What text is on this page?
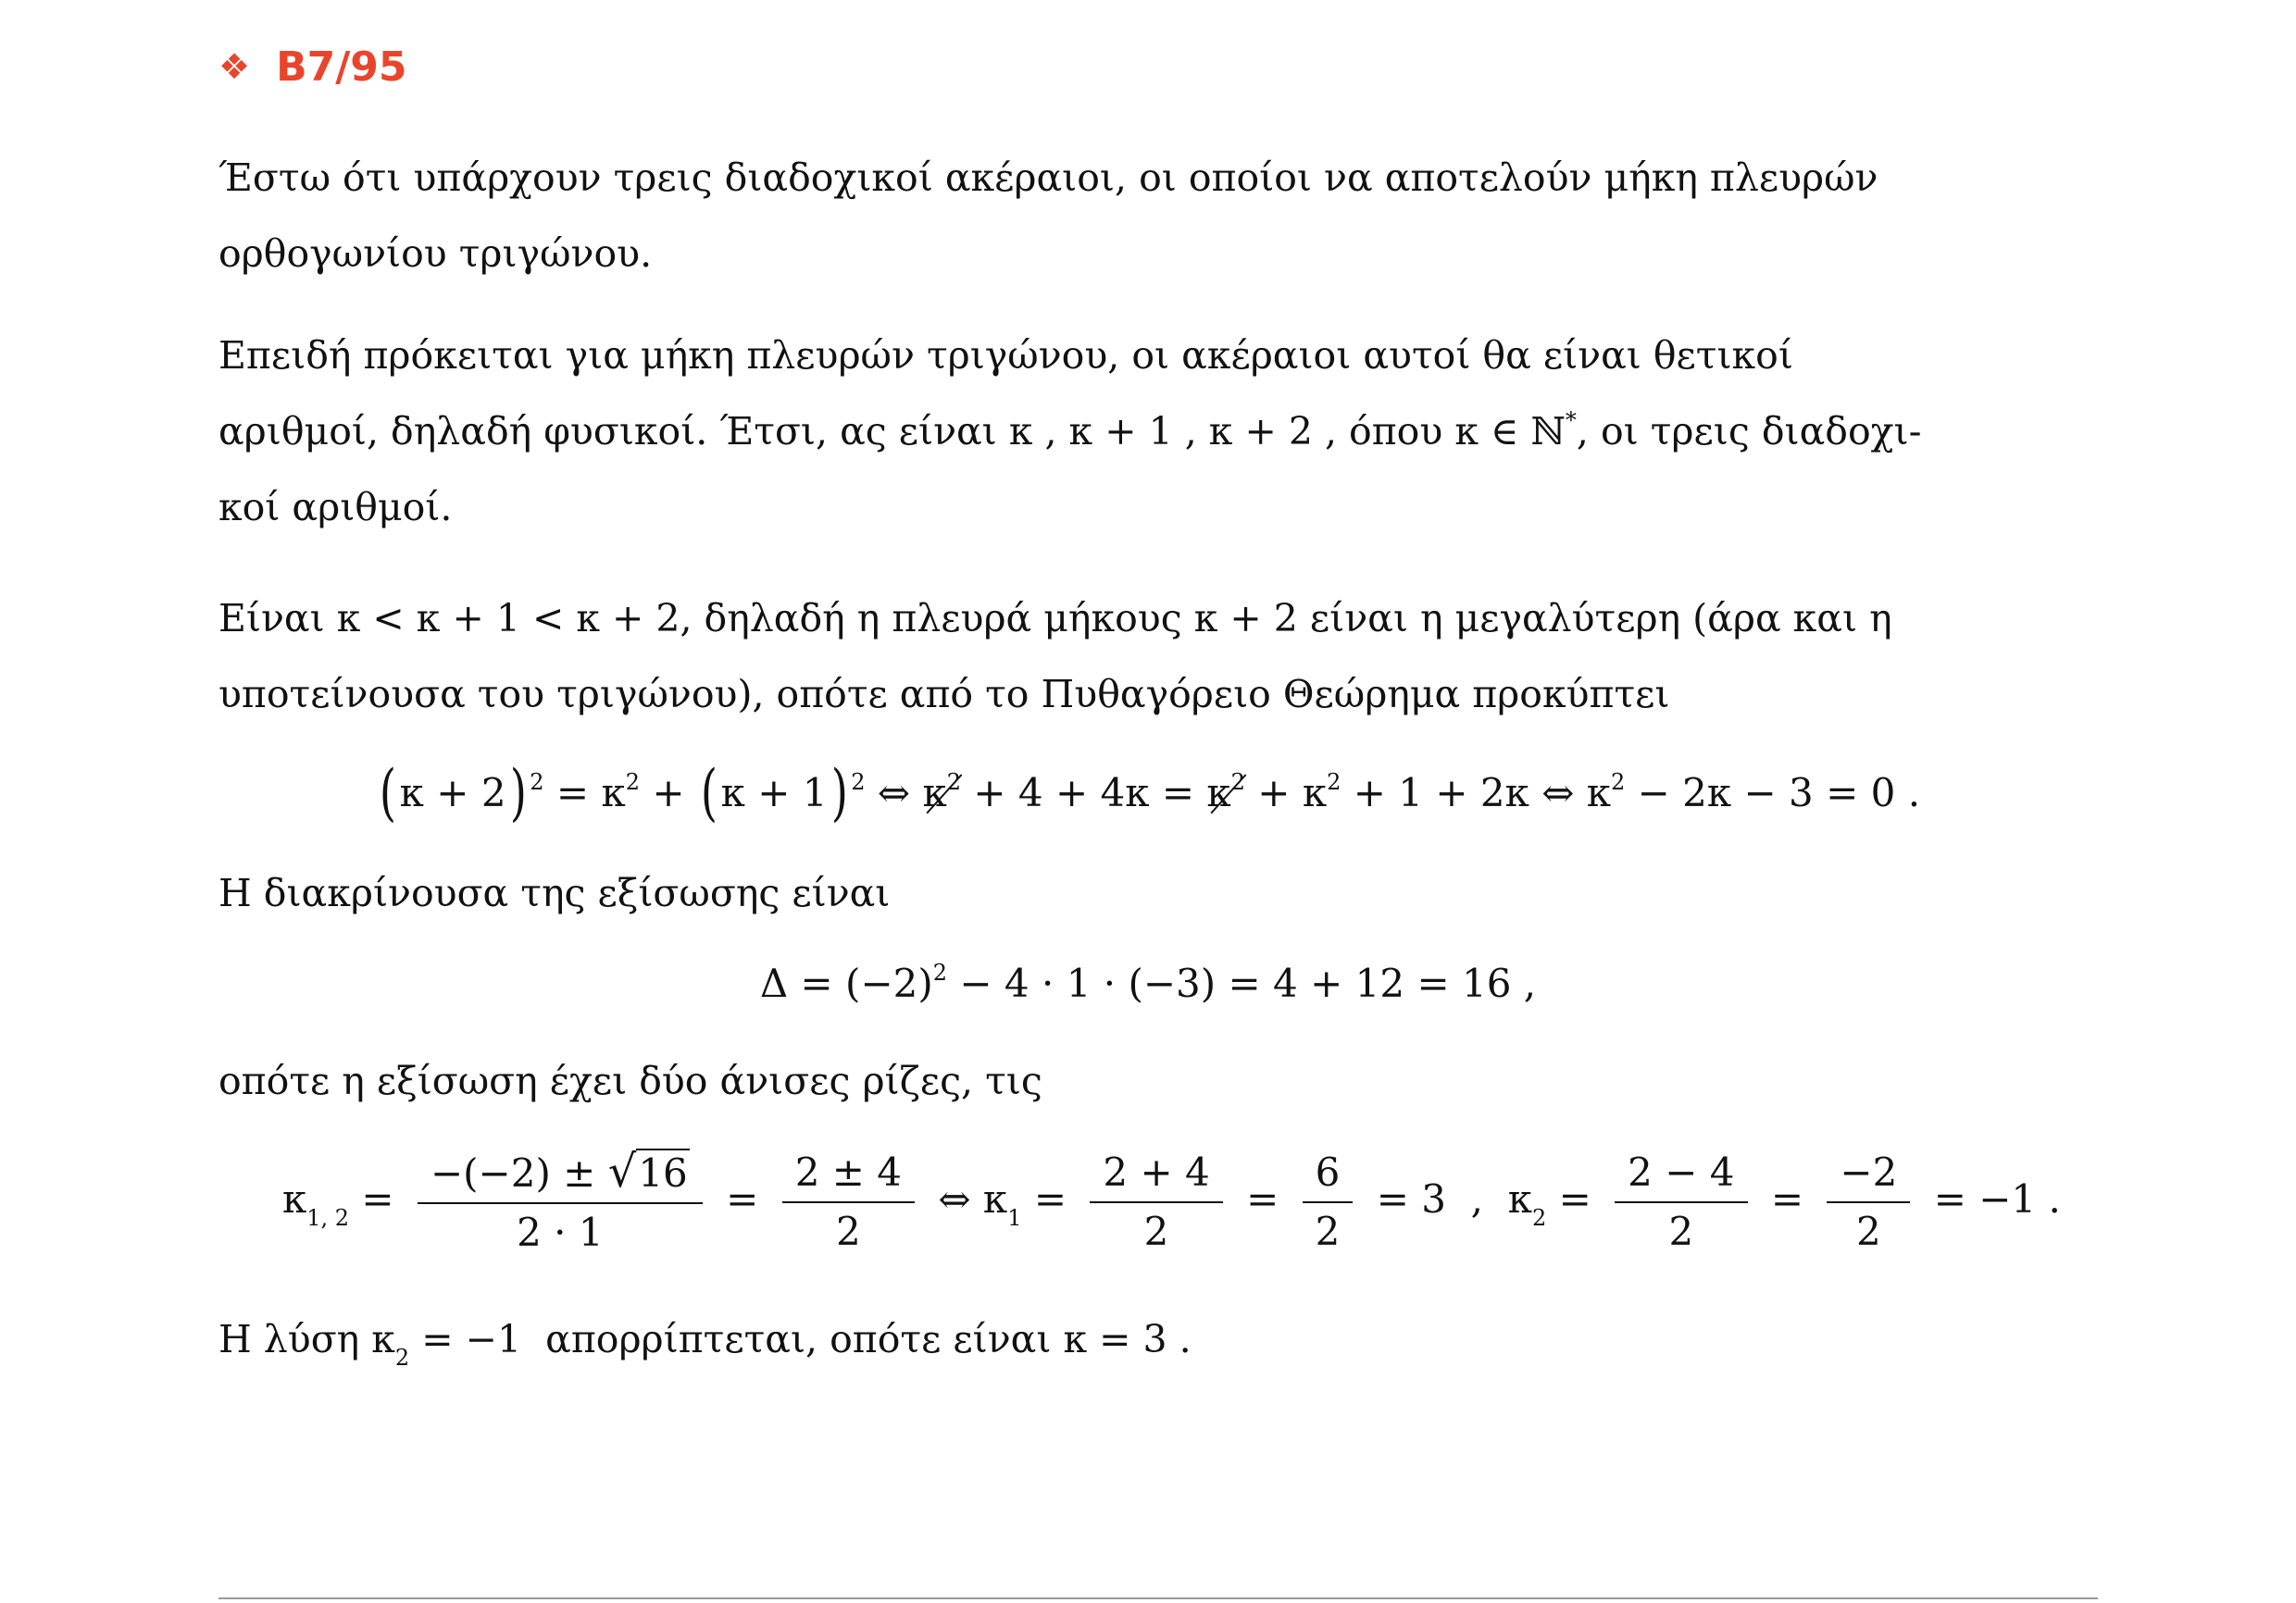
❖ B7/95
Έστω ότι υπάρχουν τρεις διαδοχικοί ακέραιοι, οι οποίοι να αποτελούν μήκη πλευρών
ορθογωνίου τριγώνου.
Επειδή πρόκειται για μήκη πλευρών τριγώνου, οι ακέραιοι αυτοί θα είναι θετικοί
αριθμοί, δηλαδή φυσικοί. Έτσι, ας είναι κ , κ + 1 , κ + 2 , όπου κ ∈ ℕ*, οι τρεις διαδοχι-
κοί αριθμοί.
Είναι κ < κ + 1 < κ + 2, δηλαδή η πλευρά μήκους κ + 2 είναι η μεγαλύτερη (άρα και η
υποτείνουσα του τριγώνου), οπότε από το Πυθαγόρειο Θεώρημα προκύπτει
(κ + 2) $^2 = \kappa^2 + (\kappa + 1)$ $^2$ ⇔ $\kappa^2 + 4 + 4\kappa = \kappa^2 + \kappa^2 + 1 + 2\kappa$ ⇔ $\kappa^2 - 2\kappa - 3 = 0$ .
Η διακρίνουσα της εξίσωσης είναι
$\Delta = (-2)^2 - 4 \cdot 1 \cdot (-3) = 4 + 12 = 16$ ,
οπότε η εξίσωση έχει δύο άνισες ρίζες, τις
$\kappa_{1, 2} = \frac{-(-2) \pm √16}{2 \cdot 1} = \frac{2 \pm 4}{2}$ ⇔ $\kappa_1 = \frac{2 + 4}{2} = \frac{6}{2} = 3$  ,  $\kappa_2 = \frac{2 - 4}{2} = \frac{-2}{2} = -1$ .
Η λύση $\kappa_2 = -1$ απορρίπτεται, οπότε είναι κ = 3 .
